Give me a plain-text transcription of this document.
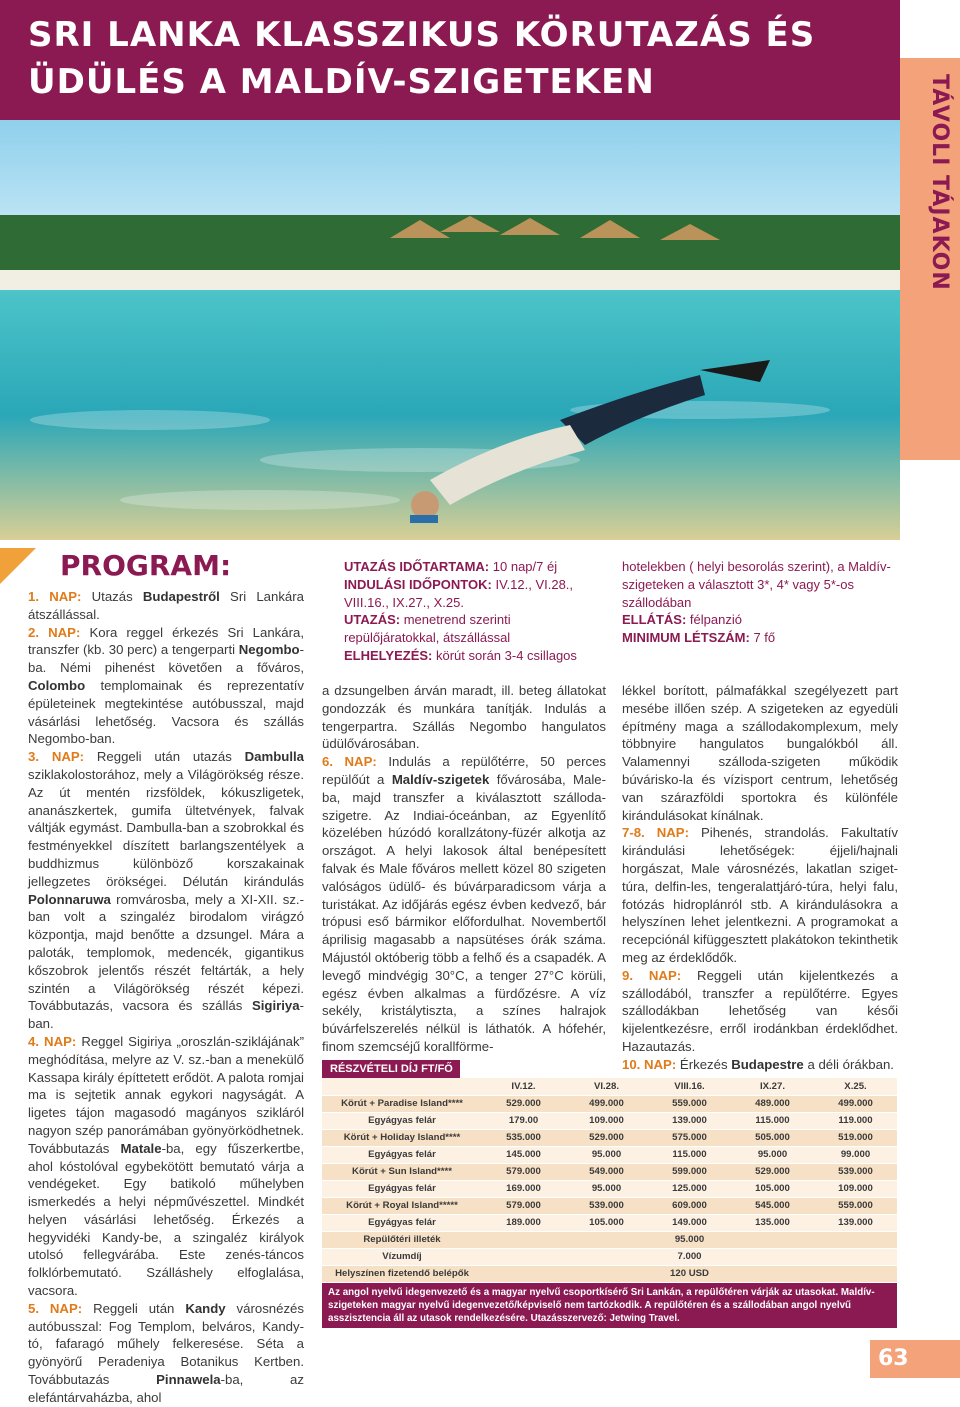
SRI LANKA KLASSZIKUS KÖRUTAZÁS ÉS
ÜDÜLÉS A MALDÍV-SZIGETEKEN	TÁVOLI TÁJAKON
PROGRAM:

1. NAP: Utazás Budapestről Sri Lankára átszállással.

2. NAP: Kora reggel érkezés Sri Lankára, transzfer (kb. 30 perc) a tengerparti Negombo-ba. Némi pihenést követően a főváros, Colombo templomainak és reprezentatív épületeinek megtekintése autóbusszal, majd vásárlási lehetőség. Vacsora és szállás Negombo-ban.

3. NAP: Reggeli után utazás Dambulla sziklakolostorához, mely a Világörökség része. Az út mentén rizsföldek, kókuszligetek, ananászkertek, gumifa ültetvények, falvak váltják egymást. Dambulla-ban a szobrokkal és festményekkel díszített barlangszentélyek a buddhizmus különböző korszakainak jellegzetes örökségei. Délután kirándulás Polonnaruwa romvárosba, mely a XI-XII. sz.-ban volt a szingaléz birodalom virágzó központja, majd benőtte a dzsungel. Mára a paloták, templomok, medencék, gigantikus kőszobrok jelentős részét feltárták, a hely szintén a Világörökség részét képezi. Továbbutazás, vacsora és szállás Sigiriya-ban.

4. NAP: Reggel Sigiriya „oroszlán-sziklájának” meghódítása, melyre az V. sz.-ban a menekülő Kassapa király építtetett erődöt. A palota romjai ma is sejtetik annak egykori nagyságát. A ligetes tájon magasodó magányos szikláról nagyon szép panorámában gyönyörködhetnek. Továbbutazás Matale-ba, egy fűszerkertbe, ahol kóstolóval egybekötött bemutató várja a vendégeket. Egy batikoló műhelyben ismerkedés a helyi népművészettel. Mindkét helyen vásárlási lehetőség. Érkezés a hegyvidéki Kandy-be, a szingaléz királyok utolsó fellegvárába. Este zenés-táncos folklórbemutató. Szálláshely elfoglalása, vacsora.

5. NAP: Reggeli után Kandy városnézés autóbusszal: Fog Templom, belváros, Kandy-tó, fafaragó műhely felkeresése. Séta a gyönyörű Peradeniya Botanikus Kertben. Továbbutazás	Pinnawela-ba, az elefántárvaházba, ahol

UTAZÁS IDŐTARTAMA: 10 nap/7 éj
INDULÁSI IDŐPONTOK: IV.12., VI.28., VIII.16., IX.27., X.25.
UTAZÁS: menetrend szerinti repülőjáratokkal, átszállással
ELHELYEZÉS: körút során 3-4 csillagos
hotelekben ( helyi besorolás szerint), a Maldív-szigeteken a választott 3*, 4* vagy 5*-os szállodában
ELLÁTÁS: félpanzió
MINIMUM LÉTSZÁM: 7 fő

a dzsungelben árván maradt, ill. beteg állatokat gondozzák és munkára tanítják. Indulás a tengerpartra. Szállás Negombo hangulatos üdülővárosában.

6. NAP: Indulás a repülőtérre, 50 perces repülőút a Maldív-szigetek fővárosába, Male-ba, majd transzfer a kiválasztott szálloda-szigetre. Az Indiai-óceánban, az Egyenlítő közelében húzódó korallzátony-füzér alkotja az országot. A helyi lakosok által benépesített falvak és Male főváros mellett közel 80 szigeten valóságos üdülő- és búvárparadicsom várja a turistákat. Az időjárás egész évben kedvező, bár trópusi eső bármikor előfordulhat. Novembertől áprilisig magasabb a napsütéses órák száma. Májustól októberig több a felhő és a csapadék. A levegő mindvégig 30°C, a tenger 27°C körüli, egész évben alkalmas a fürdőzésre. A víz sekély, kristálytiszta, a színes halrajok búvárfelszerelés nélkül is láthatók. A hófehér, finom szemcséjű korallförme-

lékkel borított, pálmafákkal szegélyezett part mesébe illően szép. A szigeteken az egyedüli építmény maga a szállodakomplexum, mely többnyire hangulatos bungalókból áll. Valamennyi szálloda-szigeten működik búvárisko-la és vízisport centrum, lehetőség van szárazföldi sportokra és különféle kirándulásokat kínálnak.

7-8. NAP: Pihenés, strandolás. Fakultatív kirándulási lehetőségek: éjjeli/hajnali horgászat, Male városnézés, lakatlan sziget-túra, delfin-les, tengeralattjáró-túra, helyi falu, fotózás hidroplánról stb. A kirándulásokra a helyszínen lehet jelentkezni. A programokat a recepciónál kifüggesztett plakátokon tekinthetik meg az érdeklődők.

9. NAP: Reggeli után kijelentkezés a szállodából, transzfer a repülőtérre. Egyes szállodákban lehetőség van késői kijelentkezésre, erről irodánkban érdeklődhet. Hazautazás.

10. NAP: Érkezés Budapestre a déli órákban.

RÉSZVÉTELI DÍJ FT/FŐ
	IV.12.	VI.28.	VIII.16.	IX.27.	X.25.
Körút + Paradise Island****	529.000	499.000	559.000	489.000	499.000
Egyágyas felár	179.00	109.000	139.000	115.000	119.000
Körút + Holiday Island****	535.000	529.000	575.000	505.000	519.000
Egyágyas felár	145.000	95.000	115.000	95.000	99.000
Körút + Sun Island****	579.000	549.000	599.000	529.000	539.000
Egyágyas felár	169.000	95.000	125.000	105.000	109.000
Körút + Royal Island*****	579.000	539.000	609.000	545.000	559.000
Egyágyas felár	189.000	105.000	149.000	135.000	139.000
Repülőtéri illeték	95.000				
Vízumdíj	7.000				
Helyszínen fizetendő belépők	120 USD				
Az angol nyelvű idegenvezető és a magyar nyelvű csoportkísérő Sri Lankán, a repülőtéren várják az utasokat. Maldív-szigeteken magyar nyelvű idegenvezető/képviselő nem tartózkodik. A repülőtéren és a szállodában angol nyelvű asszisztencia áll az utasok rendelkezésére. Utazásszervező: Jetwing Travel.
63
